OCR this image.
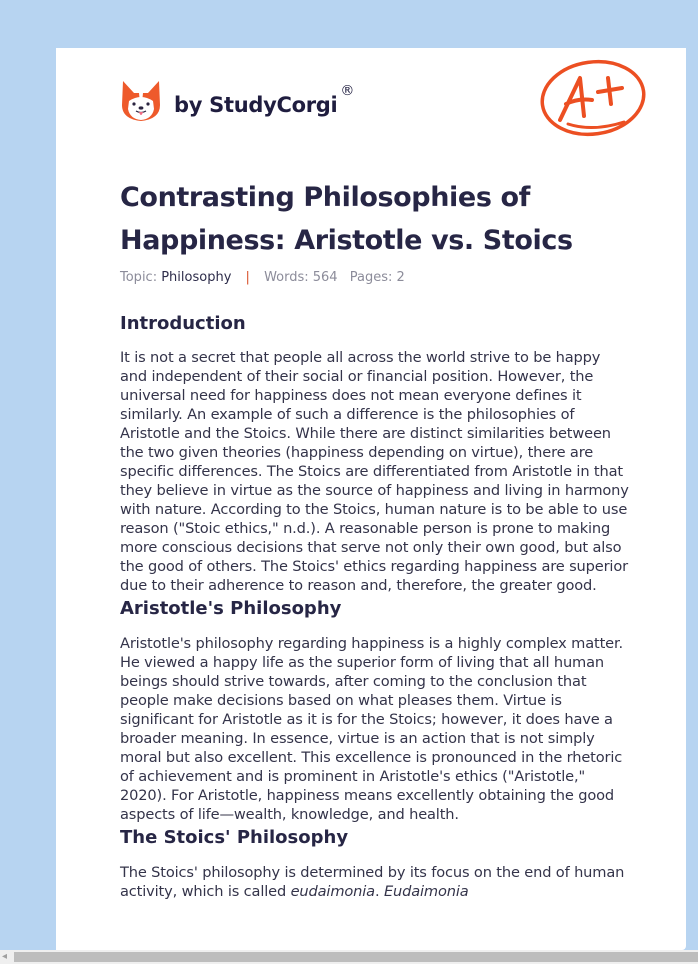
by StudyCorgi
®
Contrasting Philosophies of Happiness: Aristotle vs. Stoics
Topic: Philosophy | Words: 564 Pages: 2
Introduction

It is not a secret that people all across the world strive to be happy and independent of their social or financial position. However, the universal need for happiness does not mean everyone defines it similarly. An example of such a difference is the philosophies of Aristotle and the Stoics. While there are distinct similarities between the two given theories (happiness depending on virtue), there are specific differences. The Stoics are differentiated from Aristotle in that they believe in virtue as the source of happiness and living in harmony with nature. According to the Stoics, human nature is to be able to use reason ("Stoic ethics," n.d.). A reasonable person is prone to making more conscious decisions that serve not only their own good, but also the good of others. The Stoics' ethics regarding happiness are superior due to their adherence to reason and, therefore, the greater good.

Aristotle's Philosophy

Aristotle's philosophy regarding happiness is a highly complex matter. He viewed a happy life as the superior form of living that all human beings should strive towards, after coming to the conclusion that people make decisions based on what pleases them. Virtue is significant for Aristotle as it is for the Stoics; however, it does have a broader meaning. In essence, virtue is an action that is not simply moral but also excellent. This excellence is pronounced in the rhetoric of achievement and is prominent in Aristotle's ethics ("Aristotle," 2020). For Aristotle, happiness means excellently obtaining the good aspects of life—wealth, knowledge, and health.

The Stoics' Philosophy

The Stoics' philosophy is determined by its focus on the end of human activity, which is called eudaimonia. Eudaimonia

◂
